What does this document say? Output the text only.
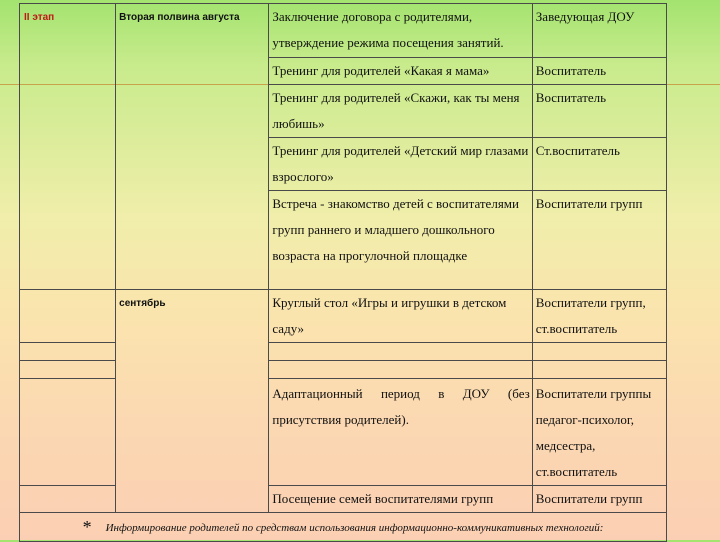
II этап	Вторая полвина августа	Заключение договора с родителями, утверждение режима посещения занятий.	Заведующая ДОУ

		Тренинг для родителей «Какая я мама»	Воспитатель

		Тренинг для родителей «Скажи, как ты меня любишь»	Воспитатель

		Тренинг для родителей «Детский мир глазами взрослого»	Ст.воспитатель

		Встреча - знакомство детей с воспитателями групп раннего и младшего дошкольного возраста на прогулочной площадке	Воспитатели групп

	сентябрь	Круглый стол «Игры и игрушки в детском саду»	Воспитатели групп, ст.воспитатель

		Адаптационный период в ДОУ (без присутствия родителей).	Воспитатели группы педагог-психолог, медсестра, ст.воспитатель

		Посещение семей воспитателями групп	Воспитатели групп

* Информирование родителей по средствам использования информационно-коммуникативных технологий:			
